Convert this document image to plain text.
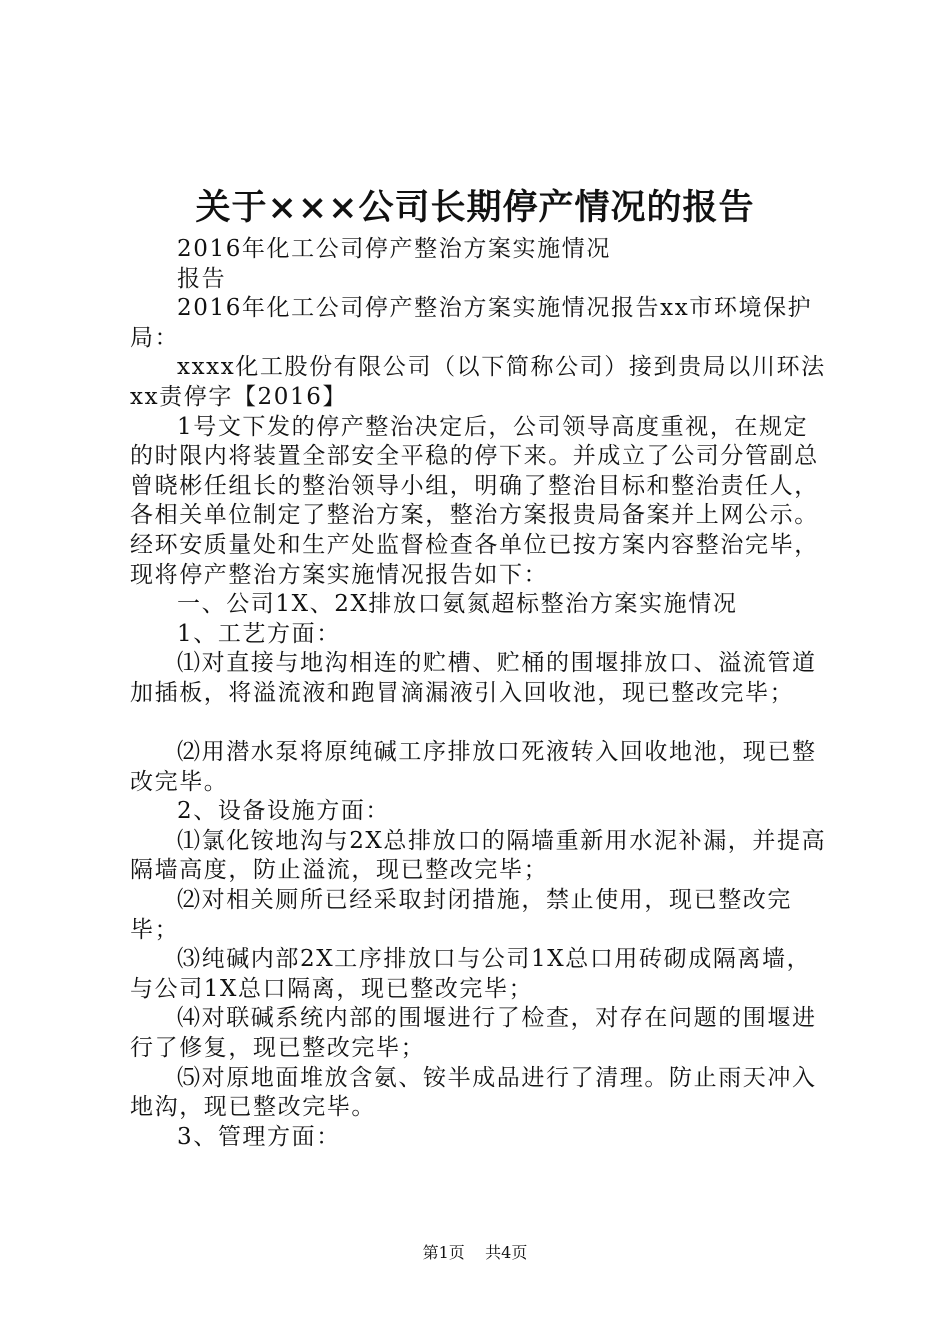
关于×××公司长期停产情况的报告

2016年化工公司停产整治方案实施情况

报告

2016年化工公司停产整治方案实施情况报告xx市环境保护局：

xxxx化工股份有限公司（以下简称公司）接到贵局以川环法xx责停字【2016】

1号文下发的停产整治决定后，公司领导高度重视，在规定的时限内将装置全部安全平稳的停下来。并成立了公司分管副总曾晓彬任组长的整治领导小组，明确了整治目标和整治责任人，各相关单位制定了整治方案，整治方案报贵局备案并上网公示。经环安质量处和生产处监督检查各单位已按方案内容整治完毕，现将停产整治方案实施情况报告如下：

一、公司1X、2X排放口氨氮超标整治方案实施情况

1、工艺方面：

⑴对直接与地沟相连的贮槽、贮桶的围堰排放口、溢流管道加插板，将溢流液和跑冒滴漏液引入回收池，现已整改完毕；

⑵用潜水泵将原纯碱工序排放口死液转入回收地池，现已整改完毕。

2、设备设施方面：

⑴氯化铵地沟与2X总排放口的隔墙重新用水泥补漏，并提高隔墙高度，防止溢流，现已整改完毕；

⑵对相关厕所已经采取封闭措施，禁止使用，现已整改完毕；

⑶纯碱内部2X工序排放口与公司1X总口用砖砌成隔离墙，与公司1X总口隔离，现已整改完毕；

⑷对联碱系统内部的围堰进行了检查，对存在问题的围堰进行了修复，现已整改完毕；

⑸对原地面堆放含氨、铵半成品进行了清理。防止雨天冲入地沟，现已整改完毕。

3、管理方面：

第1页 共4页
